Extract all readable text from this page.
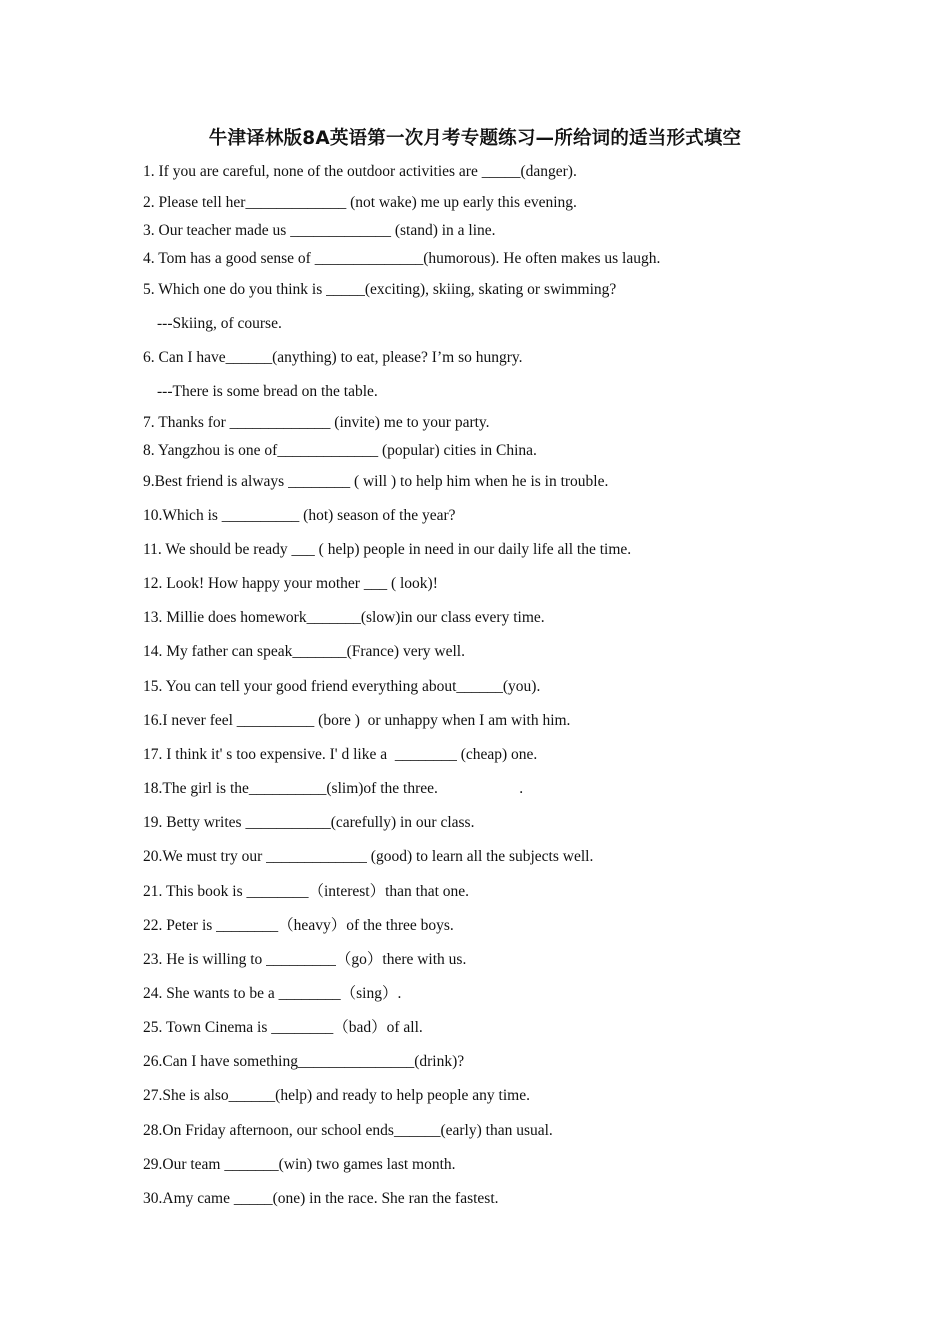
牛津译林版8A英语第一次月考专题练习—所给词的适当形式填空
1. If you are careful, none of the outdoor activities are _____(danger).
2. Please tell her_____________ (not wake) me up early this evening.
3. Our teacher made us _____________ (stand) in a line.
4. Tom has a good sense of ______________(humorous). He often makes us laugh.
5. Which one do you think is _____(exciting), skiing, skating or swimming?
---Skiing, of course.
6. Can I have______(anything) to eat, please? I’m so hungry.
---There is some bread on the table.
7. Thanks for _____________ (invite) me to your party.
8. Yangzhou is one of_____________ (popular) cities in China.
9.Best friend is always ________ ( will ) to help him when he is in trouble.
10.Which is __________ (hot) season of the year?
11. We should be ready ___ ( help) people in need in our daily life all the time.
12. Look! How happy your mother ___ ( look)!
13. Millie does homework_______(slow)in our class every time.
14. My father can speak_______(France) very well.
15. You can tell your good friend everything about______(you).
16.I never feel __________ (bore )  or unhappy when I am with him.
17. I think it' s too expensive. I' d like a  ________ (cheap) one.
18.The girl is the__________(slim)of the three.                     .
19. Betty writes ___________(carefully) in our class.
20.We must try our _____________ (good) to learn all the subjects well.
21. This book is ________（interest）than that one.
22. Peter is ________（heavy）of the three boys.
23. He is willing to _________（go）there with us.
24. She wants to be a ________（sing）.
25. Town Cinema is ________（bad）of all.
26.Can I have something_______________(drink)?
27.She is also______(help) and ready to help people any time.
28.On Friday afternoon, our school ends______(early) than usual.
29.Our team _______(win) two games last month.
30.Amy came _____(one) in the race. She ran the fastest.
